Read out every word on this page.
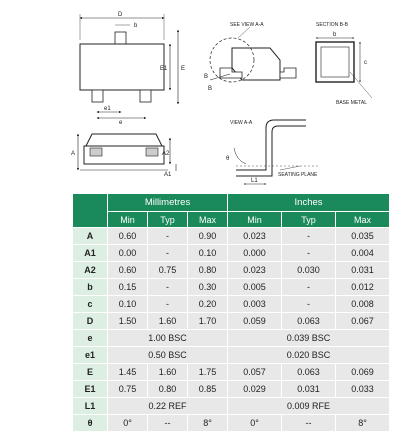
D
b
E
E1
e1
e
A	A2
A1
SEE VIEW A-A
B
B
SECTION B-B
b
c
BASE METAL
VIEW A-A
θ
L1
SEATING PLANE
	Millimetres			Inches		
	Min	Typ	Max	Min	Typ	Max
A	0.60	-	0.90	0.023	-	0.035
A1	0.00	-	0.10	0.000	-	0.004
A2	0.60	0.75	0.80	0.023	0.030	0.031
b	0.15	-	0.30	0.005	-	0.012
c	0.10	-	0.20	0.003	-	0.008
D	1.50	1.60	1.70	0.059	0.063	0.067
e	1.00 BSC			0.039 BSC		
e1	0.50 BSC			0.020 BSC		
E	1.45	1.60	1.75	0.057	0.063	0.069
E1	0.75	0.80	0.85	0.029	0.031	0.033
L1	0.22 REF			0.009 RFE		
θ	0°	--	8°	0°	--	8°
